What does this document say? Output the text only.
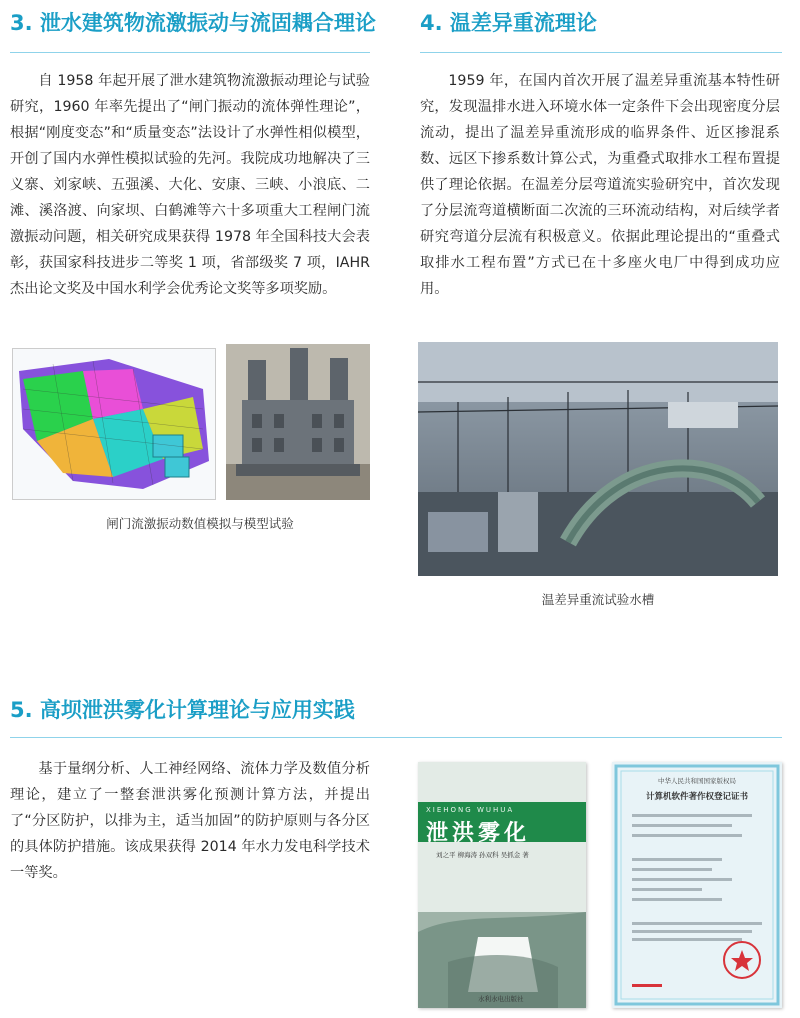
3. 泄水建筑物流激振动与流固耦合理论

自 1958 年起开展了泄水建筑物流激振动理论与试验研究，1960 年率先提出了“闸门振动的流体弹性理论”，根据“刚度变态”和“质量变态”法设计了水弹性相似模型，开创了国内水弹性模拟试验的先河。我院成功地解决了三义寨、刘家峡、五强溪、大化、安康、三峡、小浪底、二滩、溪洛渡、向家坝、白鹤滩等六十多项重大工程闸门流激振动问题，相关研究成果获得 1978 年全国科技大会表彰，获国家科技进步二等奖 1 项，省部级奖 7 项，IAHR 杰出论文奖及中国水利学会优秀论文奖等多项奖励。

闸门流激振动数值模拟与模型试验

4. 温差异重流理论

1959 年，在国内首次开展了温差异重流基本特性研究，发现温排水进入环境水体一定条件下会出现密度分层流动，提出了温差异重流形成的临界条件、近区掺混系数、远区下掺系数计算公式，为重叠式取排水工程布置提供了理论依据。在温差分层弯道流实验研究中，首次发现了分层流弯道横断面二次流的三环流动结构，对后续学者研究弯道分层流有积极意义。依据此理论提出的“重叠式取排水工程布置”方式已在十多座火电厂中得到成功应用。

温差异重流试验水槽

5. 高坝泄洪雾化计算理论与应用实践

基于量纲分析、人工神经网络、流体力学及数值分析理论，建立了一整套泄洪雾化预测计算方法，并提出了“分区防护，以排为主，适当加固”的防护原则与各分区的具体防护措施。该成果获得 2014 年水力发电科学技术一等奖。

XIEHONG WUHUA
泄洪雾化
刘之平 柳海涛 孙双科 吴抓金 著
水利水电出版社
中华人民共和国国家版权局
计算机软件著作权登记证书
